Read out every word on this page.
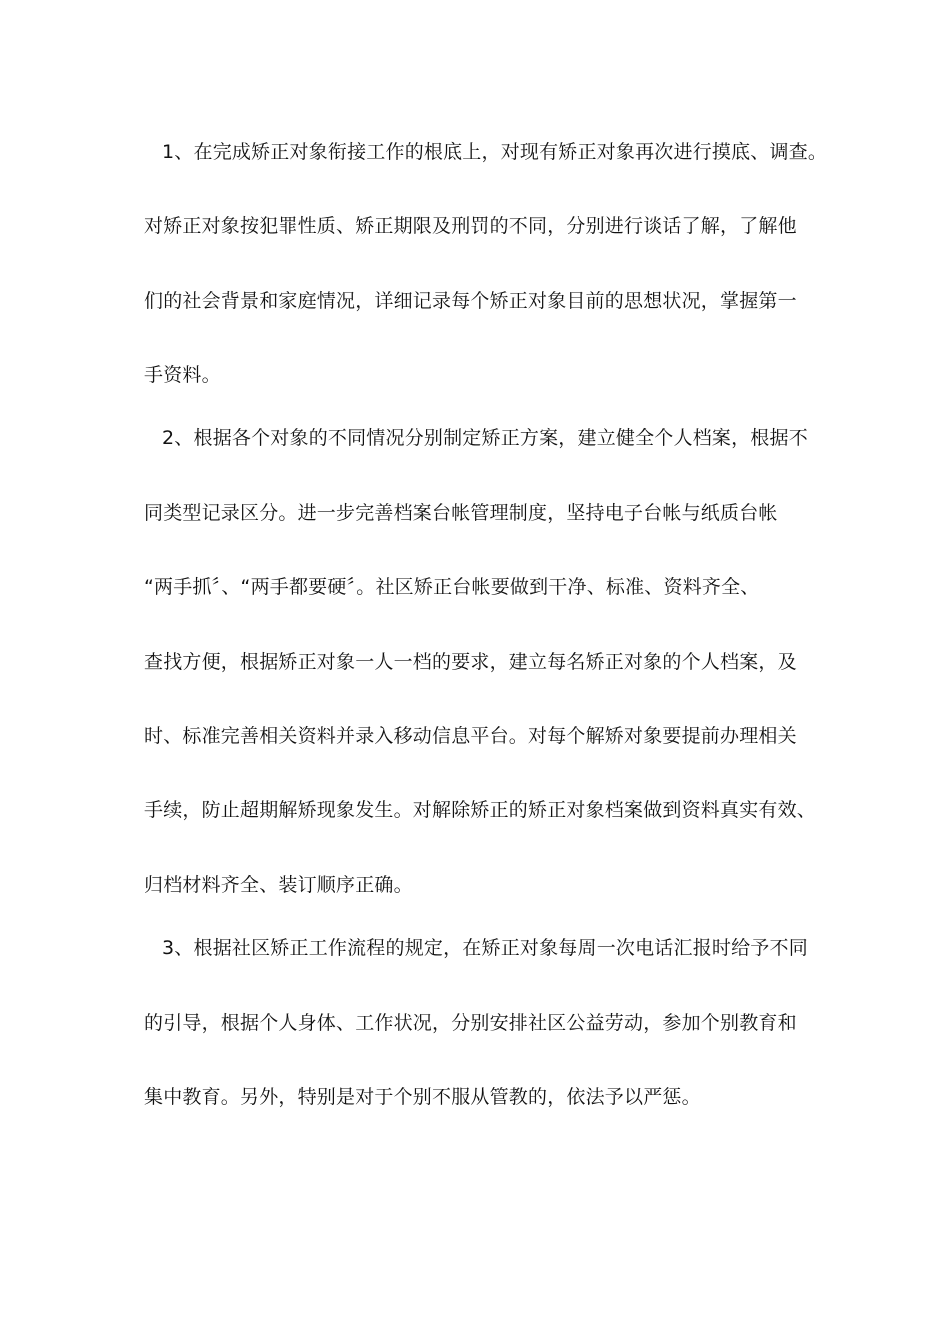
1、在完成矫正对象衔接工作的根底上，对现有矫正对象再次进行摸底、调查。
对矫正对象按犯罪性质、矫正期限及刑罚的不同，分别进行谈话了解，了解他
们的社会背景和家庭情况，详细记录每个矫正对象目前的思想状况，掌握第一
手资料。
2、根据各个对象的不同情况分别制定矫正方案，建立健全个人档案，根据不
同类型记录区分。进一步完善档案台帐管理制度，坚持电子台帐与纸质台帐
“两手抓〞、“两手都要硬〞。社区矫正台帐要做到干净、标准、资料齐全、
查找方便，根据矫正对象一人一档的要求，建立每名矫正对象的个人档案，及
时、标准完善相关资料并录入移动信息平台。对每个解矫对象要提前办理相关
手续，防止超期解矫现象发生。对解除矫正的矫正对象档案做到资料真实有效、
归档材料齐全、装订顺序正确。
3、根据社区矫正工作流程的规定，在矫正对象每周一次电话汇报时给予不同
的引导，根据个人身体、工作状况，分别安排社区公益劳动，参加个别教育和
集中教育。另外，特别是对于个别不服从管教的，依法予以严惩。
